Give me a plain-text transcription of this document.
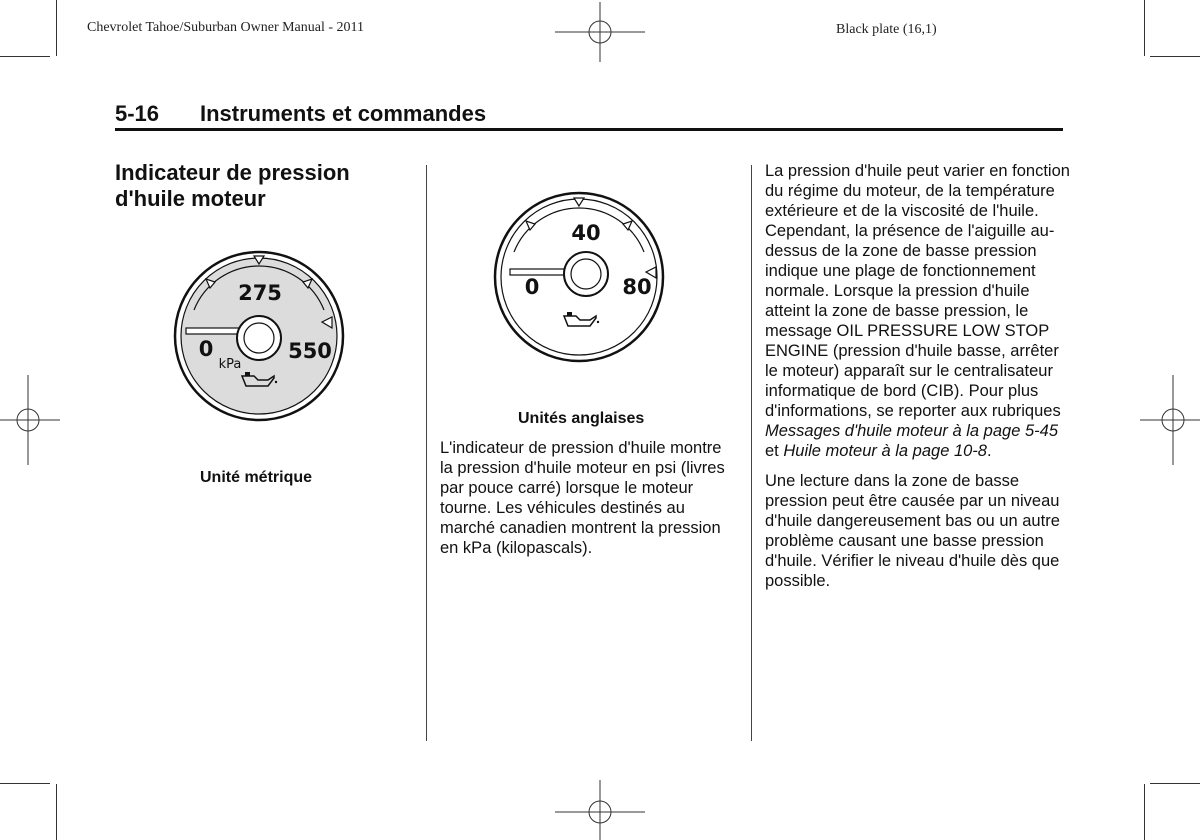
Chevrolet Tahoe/Suburban Owner Manual - 2011	Black plate (16,1)
5-16 Instruments et commandes
Indicateur de pression d'huile moteur
275
0	550
kPa
Unité métrique
40
0	80
Unités anglaises

L'indicateur de pression d'huile montre la pression d'huile moteur en psi (livres par pouce carré) lorsque le moteur tourne. Les véhicules destinés au marché canadien montrent la pression en kPa (kilopascals).

La pression d'huile peut varier en fonction du régime du moteur, de la température extérieure et de la viscosité de l'huile. Cependant, la présence de l'aiguille au-dessus de la zone de basse pression indique une plage de fonctionnement normale. Lorsque la pression d'huile atteint la zone de basse pression, le message OIL PRESSURE LOW STOP ENGINE (pression d'huile basse, arrêter le moteur) apparaît sur le centralisateur informatique de bord (CIB). Pour plus d'informations, se reporter aux rubriques Messages d'huile moteur à la page 5-45 et Huile moteur à la page 10-8.

Une lecture dans la zone de basse pression peut être causée par un niveau d'huile dangereusement bas ou un autre problème causant une basse pression d'huile. Vérifier le niveau d'huile dès que possible.
